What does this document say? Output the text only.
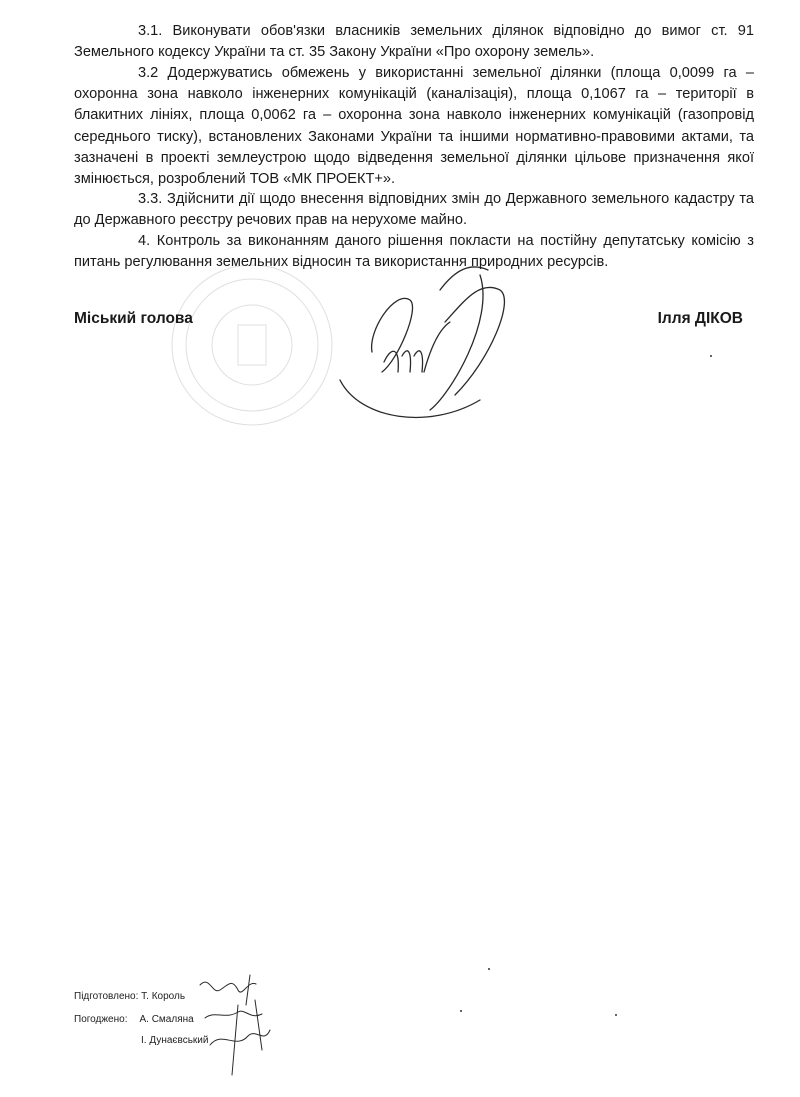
3.1. Виконувати обов'язки власників земельних ділянок відповідно до вимог ст. 91 Земельного кодексу України та ст. 35 Закону України «Про охорону земель».

3.2 Додержуватись обмежень у використанні земельної ділянки (площа 0,0099 га – охоронна зона навколо інженерних комунікацій (каналізація), площа 0,1067 га – території в блакитних лініях, площа 0,0062 га – охоронна зона навколо інженерних комунікацій (газопровід середнього тиску), встановлених Законами України та іншими нормативно-правовими актами, та зазначені в проекті землеустрою щодо відведення земельної ділянки цільове призначення якої змінюється, розроблений ТОВ «МК ПРОЕКТ+».

3.3. Здійснити дії щодо внесення відповідних змін до Державного земельного кадастру та до Державного реєстру речових прав на нерухоме майно.

4. Контроль за виконанням даного рішення покласти на постійну депутатську комісію з питань регулювання земельних відносин та використання природних ресурсів.

Міський голова	Ілля ДІКОВ
Підготовлено: Т. Король
Погоджено: А. Смаляна
І. Дунаєвський
